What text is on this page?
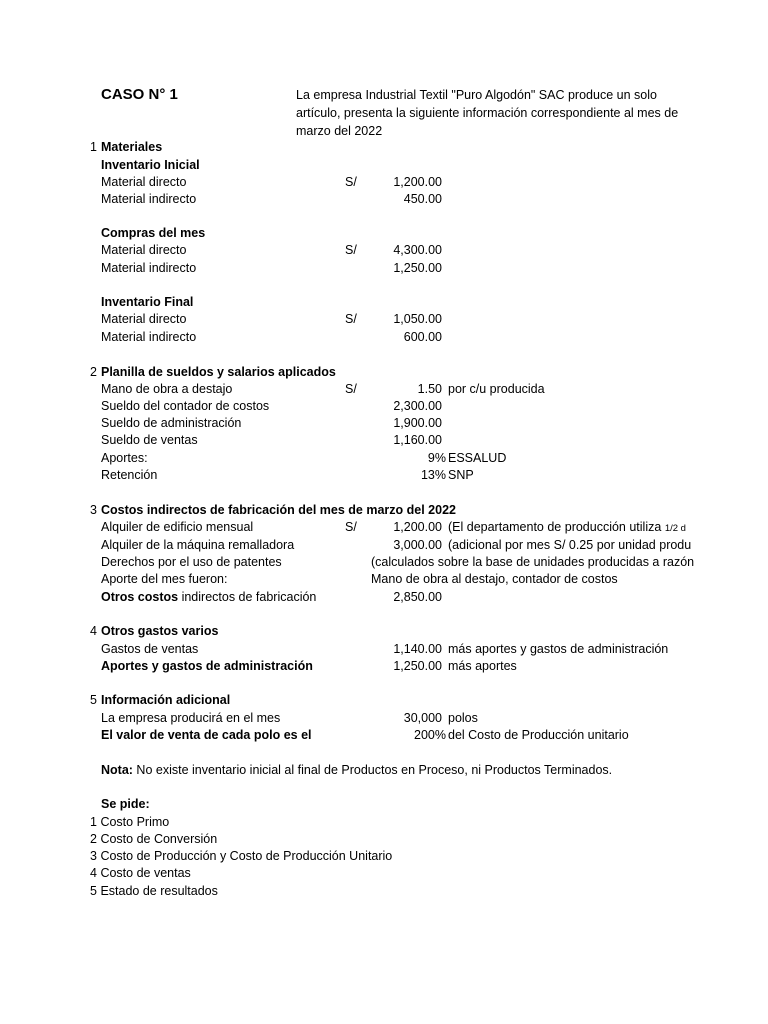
CASO N° 1	La empresa Industrial Textil "Puro Algodón" SAC produce un solo artículo, presenta la siguiente información correspondiente al mes de marzo del 2022
1 Materiales
Inventario Inicial
Material directo	S/	1,200.00
Material indirecto	450.00
Compras del mes
Material directo	S/	4,300.00
Material indirecto	1,250.00
Inventario Final
Material directo	S/	1,050.00
Material indirecto	600.00
2 Planilla de sueldos y salarios aplicados
Mano de obra a destajo	S/	1.50 por c/u producida
Sueldo del contador de costos	2,300.00
Sueldo de administración	1,900.00
Sueldo de ventas	1,160.00
Aportes:	9% ESSALUD
Retención	13% SNP
3 Costos indirectos de fabricación del mes de marzo del 2022
Alquiler de edificio mensual	S/	1,200.00 (El departamento de producción utiliza 1/2 d
Alquiler de la máquina remalladora	3,000.00 (adicional por mes S/ 0.25 por unidad produ
Derechos por el uso de patentes	(calculados sobre la base de unidades producidas a razón
Aporte del mes fueron:	Mano de obra al destajo, contador de costos
Otros costos indirectos de fabricación	2,850.00
4 Otros gastos varios
Gastos de ventas	1,140.00 más aportes y gastos de administración
Aportes y gastos de administración	1,250.00 más aportes
5 Información adicional
La empresa producirá en el mes	30,000 polos
El valor de venta de cada polo es el	200% del Costo de Producción unitario
Nota: No existe inventario inicial al final de Productos en Proceso, ni Productos Terminados.
Se pide:
1 Costo Primo
2 Costo de Conversión
3 Costo de Producción y Costo de Producción Unitario
4 Costo de ventas
5 Estado de resultados
